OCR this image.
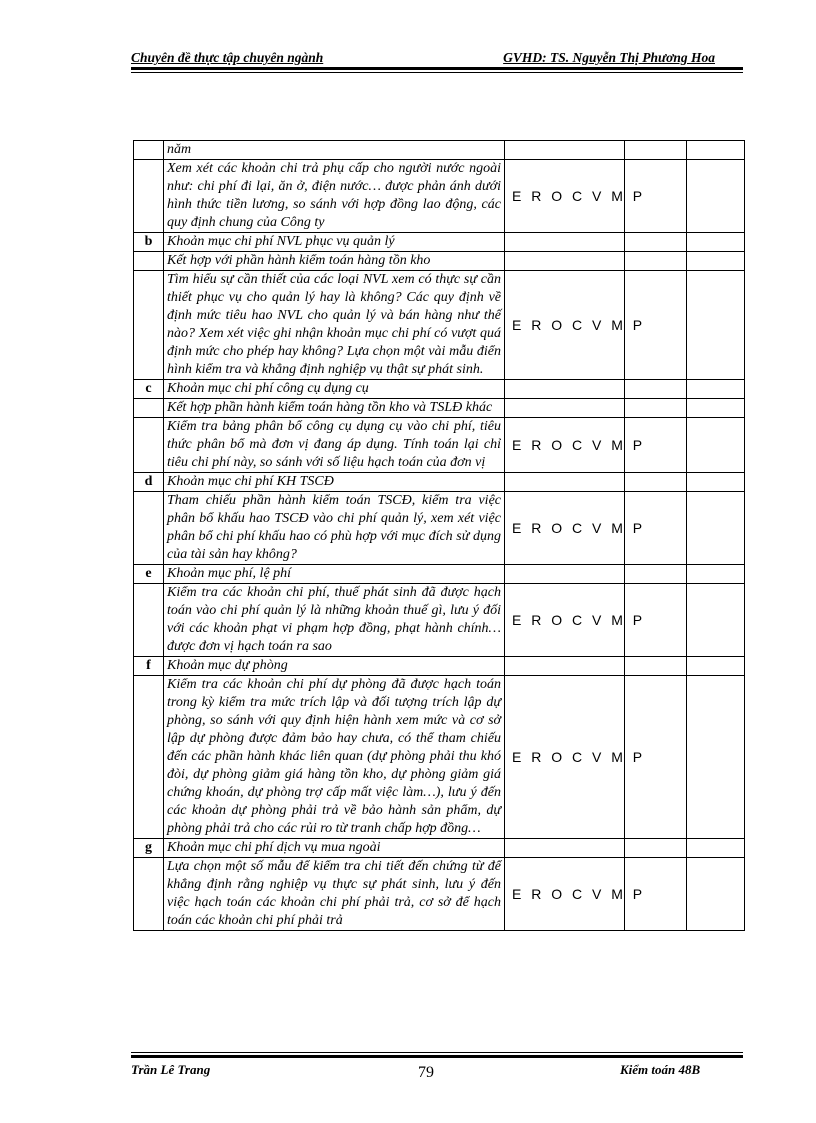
Chuyên đề thực tập chuyên ngành	GVHD: TS. Nguyễn Thị Phương Hoa
	năm			
	Xem xét các khoản chi trả phụ cấp cho người nước ngoài như: chi phí đi lại, ăn ở, điện nước… được phản ánh dưới hình thức tiền lương, so sánh với hợp đồng lao động, các quy định chung của Công ty	E R O C V M P		
b	Khoản mục chi phí NVL phục vụ quản lý			
	Kết hợp với phần hành kiểm toán hàng tồn kho			
	Tìm hiểu sự cần thiết của các loại NVL xem có thực sự cần thiết phục vụ cho quản lý hay là không? Các quy định về định mức tiêu hao NVL cho quản lý và bán hàng như thế nào? Xem xét việc ghi nhận khoản mục chi phí có vượt quá định mức cho phép hay không? Lựa chọn một vài mẫu điển hình kiểm tra và khẳng định nghiệp vụ thật sự phát sinh.	E R O C V M P		
c	Khoản mục chi phí công cụ dụng cụ			
	Kết hợp phần hành kiểm toán hàng tồn kho và TSLĐ khác			
	Kiểm tra bảng phân bổ công cụ dụng cụ vào chi phí, tiêu thức phân bổ mà đơn vị đang áp dụng. Tính toán lại chỉ tiêu chi phí này, so sánh với số liệu hạch toán của đơn vị	E R O C V M P		
d	Khoản mục chi phí KH TSCĐ			
	Tham chiếu phần hành kiểm toán TSCĐ, kiểm tra việc phân bổ khấu hao TSCĐ vào chi phí quản lý, xem xét việc phân bổ chi phí khấu hao có phù hợp với mục đích sử dụng của tài sản hay không?	E R O C V M P		
e	Khoản mục phí, lệ phí			
	Kiểm tra các khoản chi phí, thuế phát sinh đã được hạch toán vào chi phí quản lý là những khoản thuế gì, lưu ý đối với các khoản phạt vi phạm hợp đồng, phạt hành chính… được đơn vị hạch toán ra sao	E R O C V M P		
f	Khoản mục dự phòng			
	Kiểm tra các khoản chi phí dự phòng đã được hạch toán trong kỳ kiểm tra mức trích lập và đối tượng trích lập dự phòng, so sánh với quy định hiện hành xem mức và cơ sở lập dự phòng được đảm bảo hay chưa, có thể tham chiếu đến các phần hành khác liên quan (dự phòng phải thu khó đòi, dự phòng giảm giá hàng tồn kho, dự phòng giảm giá chứng khoán, dự phòng trợ cấp mất việc làm…), lưu ý đến các khoản dự phòng phải trả về bảo hành sản phẩm, dự phòng phải trả cho các rủi ro từ tranh chấp hợp đồng…	E R O C V M P		
g	Khoản mục chi phí dịch vụ mua ngoài			
	Lựa chọn một số mẫu để kiểm tra chi tiết đến chứng từ để khẳng định rằng nghiệp vụ thực sự phát sinh, lưu ý đến việc hạch toán các khoản chi phí phải trả, cơ sở để hạch toán các khoản chi phí phải trả	E R O C V M P		
Trần Lê Trang	79	Kiểm toán 48B
